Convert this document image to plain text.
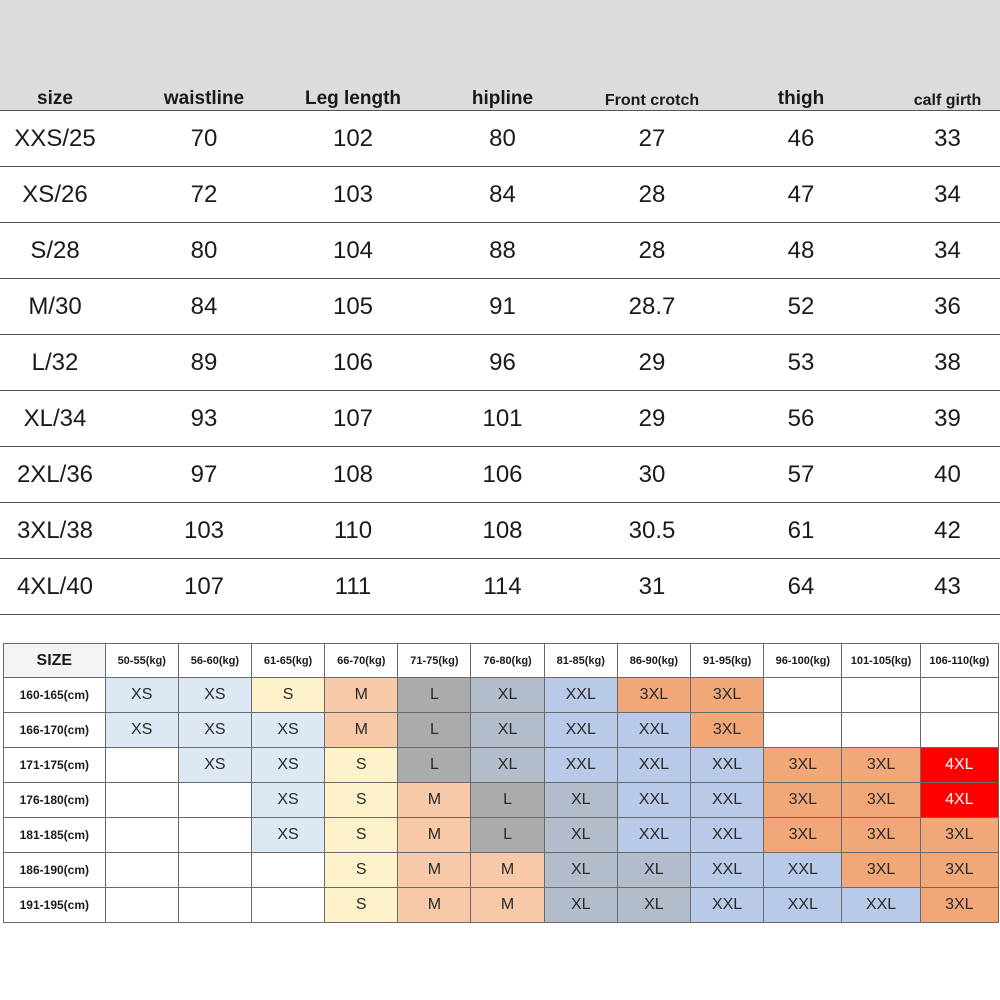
size	waistline	Leg length	hipline	Front crotch	thigh	calf girth
XXS/25	70	102	80	27	46	33
XS/26	72	103	84	28	47	34
S/28	80	104	88	28	48	34
M/30	84	105	91	28.7	52	36
L/32	89	106	96	29	53	38
XL/34	93	107	101	29	56	39
2XL/36	97	108	106	30	57	40
3XL/38	103	110	108	30.5	61	42
4XL/40	107	111	114	31	64	43
SIZE	50-55(kg)	56-60(kg)	61-65(kg)	66-70(kg)	71-75(kg)	76-80(kg)	81-85(kg)	86-90(kg)	91-95(kg)	96-100(kg)	101-105(kg)	106-110(kg)
160-165(cm)	XS	XS	S	M	L	XL	XXL	3XL	3XL			
166-170(cm)	XS	XS	XS	M	L	XL	XXL	XXL	3XL			
171-175(cm)		XS	XS	S	L	XL	XXL	XXL	XXL	3XL	3XL	4XL
176-180(cm)			XS	S	M	L	XL	XXL	XXL	3XL	3XL	4XL
181-185(cm)			XS	S	M	L	XL	XXL	XXL	3XL	3XL	3XL
186-190(cm)				S	M	M	XL	XL	XXL	XXL	3XL	3XL
191-195(cm)				S	M	M	XL	XL	XXL	XXL	XXL	3XL
